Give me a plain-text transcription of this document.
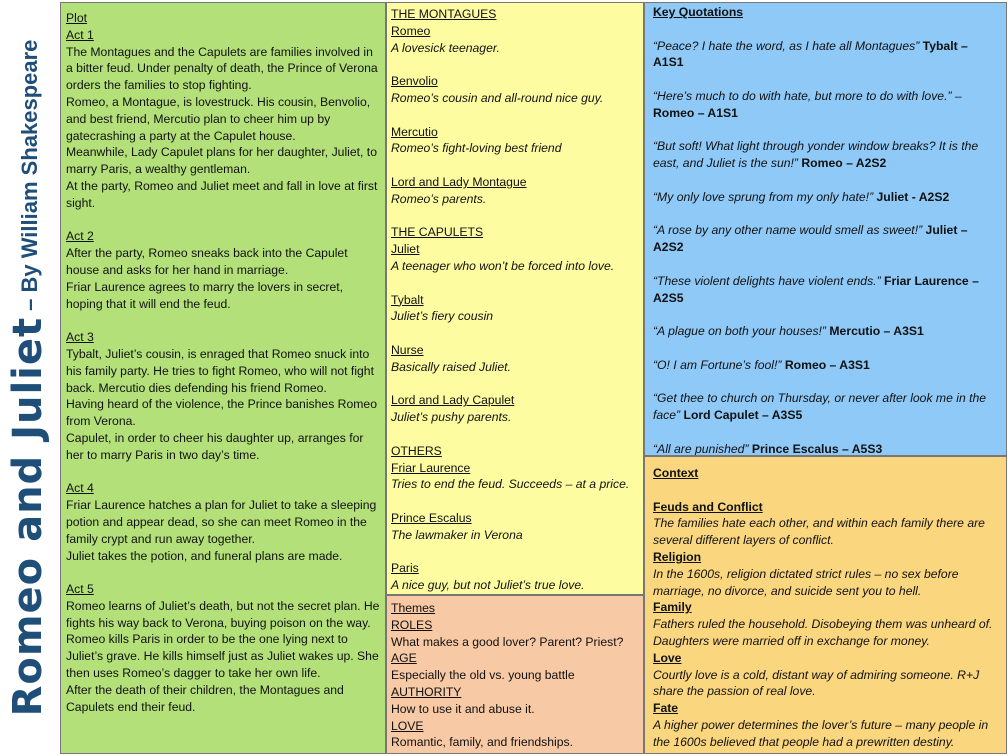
Romeo and Juliet– By William Shakespeare
Plot
Act 1
The Montagues and the Capulets are families involved in a bitter feud. Under penalty of death, the Prince of Verona orders the families to stop fighting.
Romeo, a Montague, is lovestruck. His cousin, Benvolio, and best friend, Mercutio plan to cheer him up by gatecrashing a party at the Capulet house.
Meanwhile, Lady Capulet plans for her daughter, Juliet, to marry Paris, a wealthy gentleman.
At the party, Romeo and Juliet meet and fall in love at first sight.
Act 2
After the party, Romeo sneaks back into the Capulet house and asks for her hand in marriage.
Friar Laurence agrees to marry the lovers in secret, hoping that it will end the feud.
Act 3
Tybalt, Juliet’s cousin, is enraged that Romeo snuck into his family party. He tries to fight Romeo, who will not fight back. Mercutio dies defending his friend Romeo.
Having heard of the violence, the Prince banishes Romeo from Verona.
Capulet, in order to cheer his daughter up, arranges for her to marry Paris in two day’s time.
Act 4
Friar Laurence hatches a plan for Juliet to take a sleeping potion and appear dead, so she can meet Romeo in the family crypt and run away together.
Juliet takes the potion, and funeral plans are made.
Act 5
Romeo learns of Juliet’s death, but not the secret plan. He fights his way back to Verona, buying poison on the way.
Romeo kills Paris in order to be the one lying next to Juliet’s grave. He kills himself just as Juliet wakes up. She then uses Romeo’s dagger to take her own life.
After the death of their children, the Montagues and Capulets end their feud.
THE MONTAGUES
Romeo
A lovesick teenager.
Benvolio
Romeo’s cousin and all-round nice guy.
Mercutio
Romeo’s fight-loving best friend
Lord and Lady Montague
Romeo’s parents.
THE CAPULETS
Juliet
A teenager who won’t be forced into love.
Tybalt
Juliet’s fiery cousin
Nurse
Basically raised Juliet.
Lord and Lady Capulet
Juliet’s pushy parents.
OTHERS
Friar Laurence
Tries to end the feud. Succeeds – at a price.
Prince Escalus
The lawmaker in Verona
Paris
A nice guy, but not Juliet’s true love.
Themes
ROLES
What makes a good lover? Parent? Priest?
AGE
Especially the old vs. young battle
AUTHORITY
How to use it and abuse it.
LOVE
Romantic, family, and friendships.
Key Quotations
“Peace? I hate the word, as I hate all Montagues” Tybalt – A1S1
“Here’s much to do with hate, but more to do with love.” – Romeo – A1S1
“But soft! What light through yonder window breaks? It is the east, and Juliet is the sun!” Romeo – A2S2
“My only love sprung from my only hate!” Juliet - A2S2
“A rose by any other name would smell as sweet!” Juliet – A2S2
“These violent delights have violent ends.” Friar Laurence – A2S5
“A plague on both your houses!” Mercutio – A3S1
“O! I am Fortune’s fool!” Romeo – A3S1
“Get thee to church on Thursday, or never after look me in the face” Lord Capulet – A3S5
“All are punished” Prince Escalus – A5S3
Context
Feuds and Conflict
The families hate each other, and within each family there are several different layers of conflict.
Religion
In the 1600s, religion dictated strict rules – no sex before marriage, no divorce, and suicide sent you to hell.
Family
Fathers ruled the household. Disobeying them was unheard of. Daughters were married off in exchange for money.
Love
Courtly love is a cold, distant way of admiring someone. R+J share the passion of real love.
Fate
A higher power determines the lover’s future – many people in the 1600s believed that people had a prewritten destiny.
